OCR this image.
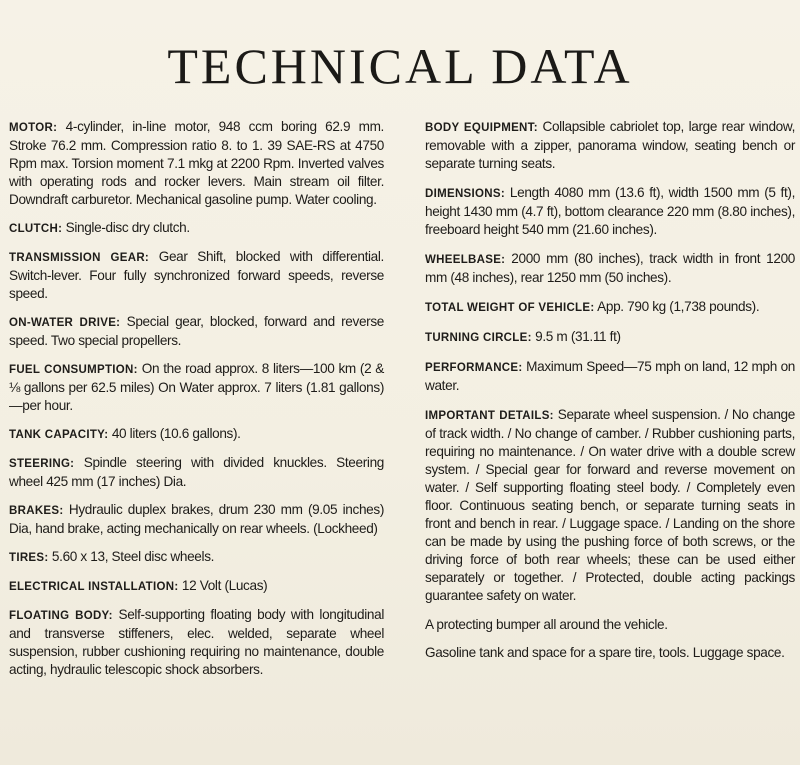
TECHNICAL DATA

MOTOR: 4-cylinder, in-line motor, 948 ccm boring 62.9 mm. Stroke 76.2 mm. Compression ratio 8. to 1. 39 SAE-RS at 4750 Rpm max. Torsion moment 7.1 mkg at 2200 Rpm. Inverted valves with operating rods and rocker levers. Main stream oil filter. Downdraft carburetor. Mechanical gasoline pump. Water cooling.

CLUTCH: Single-disc dry clutch.

TRANSMISSION GEAR: Gear Shift, blocked with differential. Switch-lever. Four fully synchronized forward speeds, reverse speed.

ON-WATER DRIVE: Special gear, blocked, forward and reverse speed. Two special propellers.

FUEL CONSUMPTION: On the road approx. 8 liters—100 km (2 & ⅛ gallons per 62.5 miles) On Water approx. 7 liters (1.81 gallons)—per hour.

TANK CAPACITY: 40 liters (10.6 gallons).

STEERING: Spindle steering with divided knuckles. Steering wheel 425 mm (17 inches) Dia.

BRAKES: Hydraulic duplex brakes, drum 230 mm (9.05 inches) Dia, hand brake, acting mechanically on rear wheels. (Lockheed)

TIRES: 5.60 x 13, Steel disc wheels.

ELECTRICAL INSTALLATION: 12 Volt (Lucas)

FLOATING BODY: Self-supporting floating body with longitudinal and transverse stiffeners, elec. welded, separate wheel suspension, rubber cushioning requiring no maintenance, double acting, hydraulic telescopic shock absorbers.

BODY EQUIPMENT: Collapsible cabriolet top, large rear window, removable with a zipper, panorama window, seating bench or separate turning seats.

DIMENSIONS: Length 4080 mm (13.6 ft), width 1500 mm (5 ft), height 1430 mm (4.7 ft), bottom clearance 220 mm (8.80 inches), freeboard height 540 mm (21.60 inches).

WHEELBASE: 2000 mm (80 inches), track width in front 1200 mm (48 inches), rear 1250 mm (50 inches).

TOTAL WEIGHT OF VEHICLE: App. 790 kg (1,738 pounds).

TURNING CIRCLE: 9.5 m (31.11 ft)

PERFORMANCE: Maximum Speed—75 mph on land, 12 mph on water.

IMPORTANT DETAILS: Separate wheel suspension. / No change of track width. / No change of camber. / Rubber cushioning parts, requiring no maintenance. / On water drive with a double screw system. / Special gear for forward and reverse movement on water. / Self supporting floating steel body. / Completely even floor. Continuous seating bench, or separate turning seats in front and bench in rear. / Luggage space. / Landing on the shore can be made by using the pushing force of both screws, or the driving force of both rear wheels; these can be used either separately or together. / Protected, double acting packings guarantee safety on water.

A protecting bumper all around the vehicle.

Gasoline tank and space for a spare tire, tools. Luggage space.
